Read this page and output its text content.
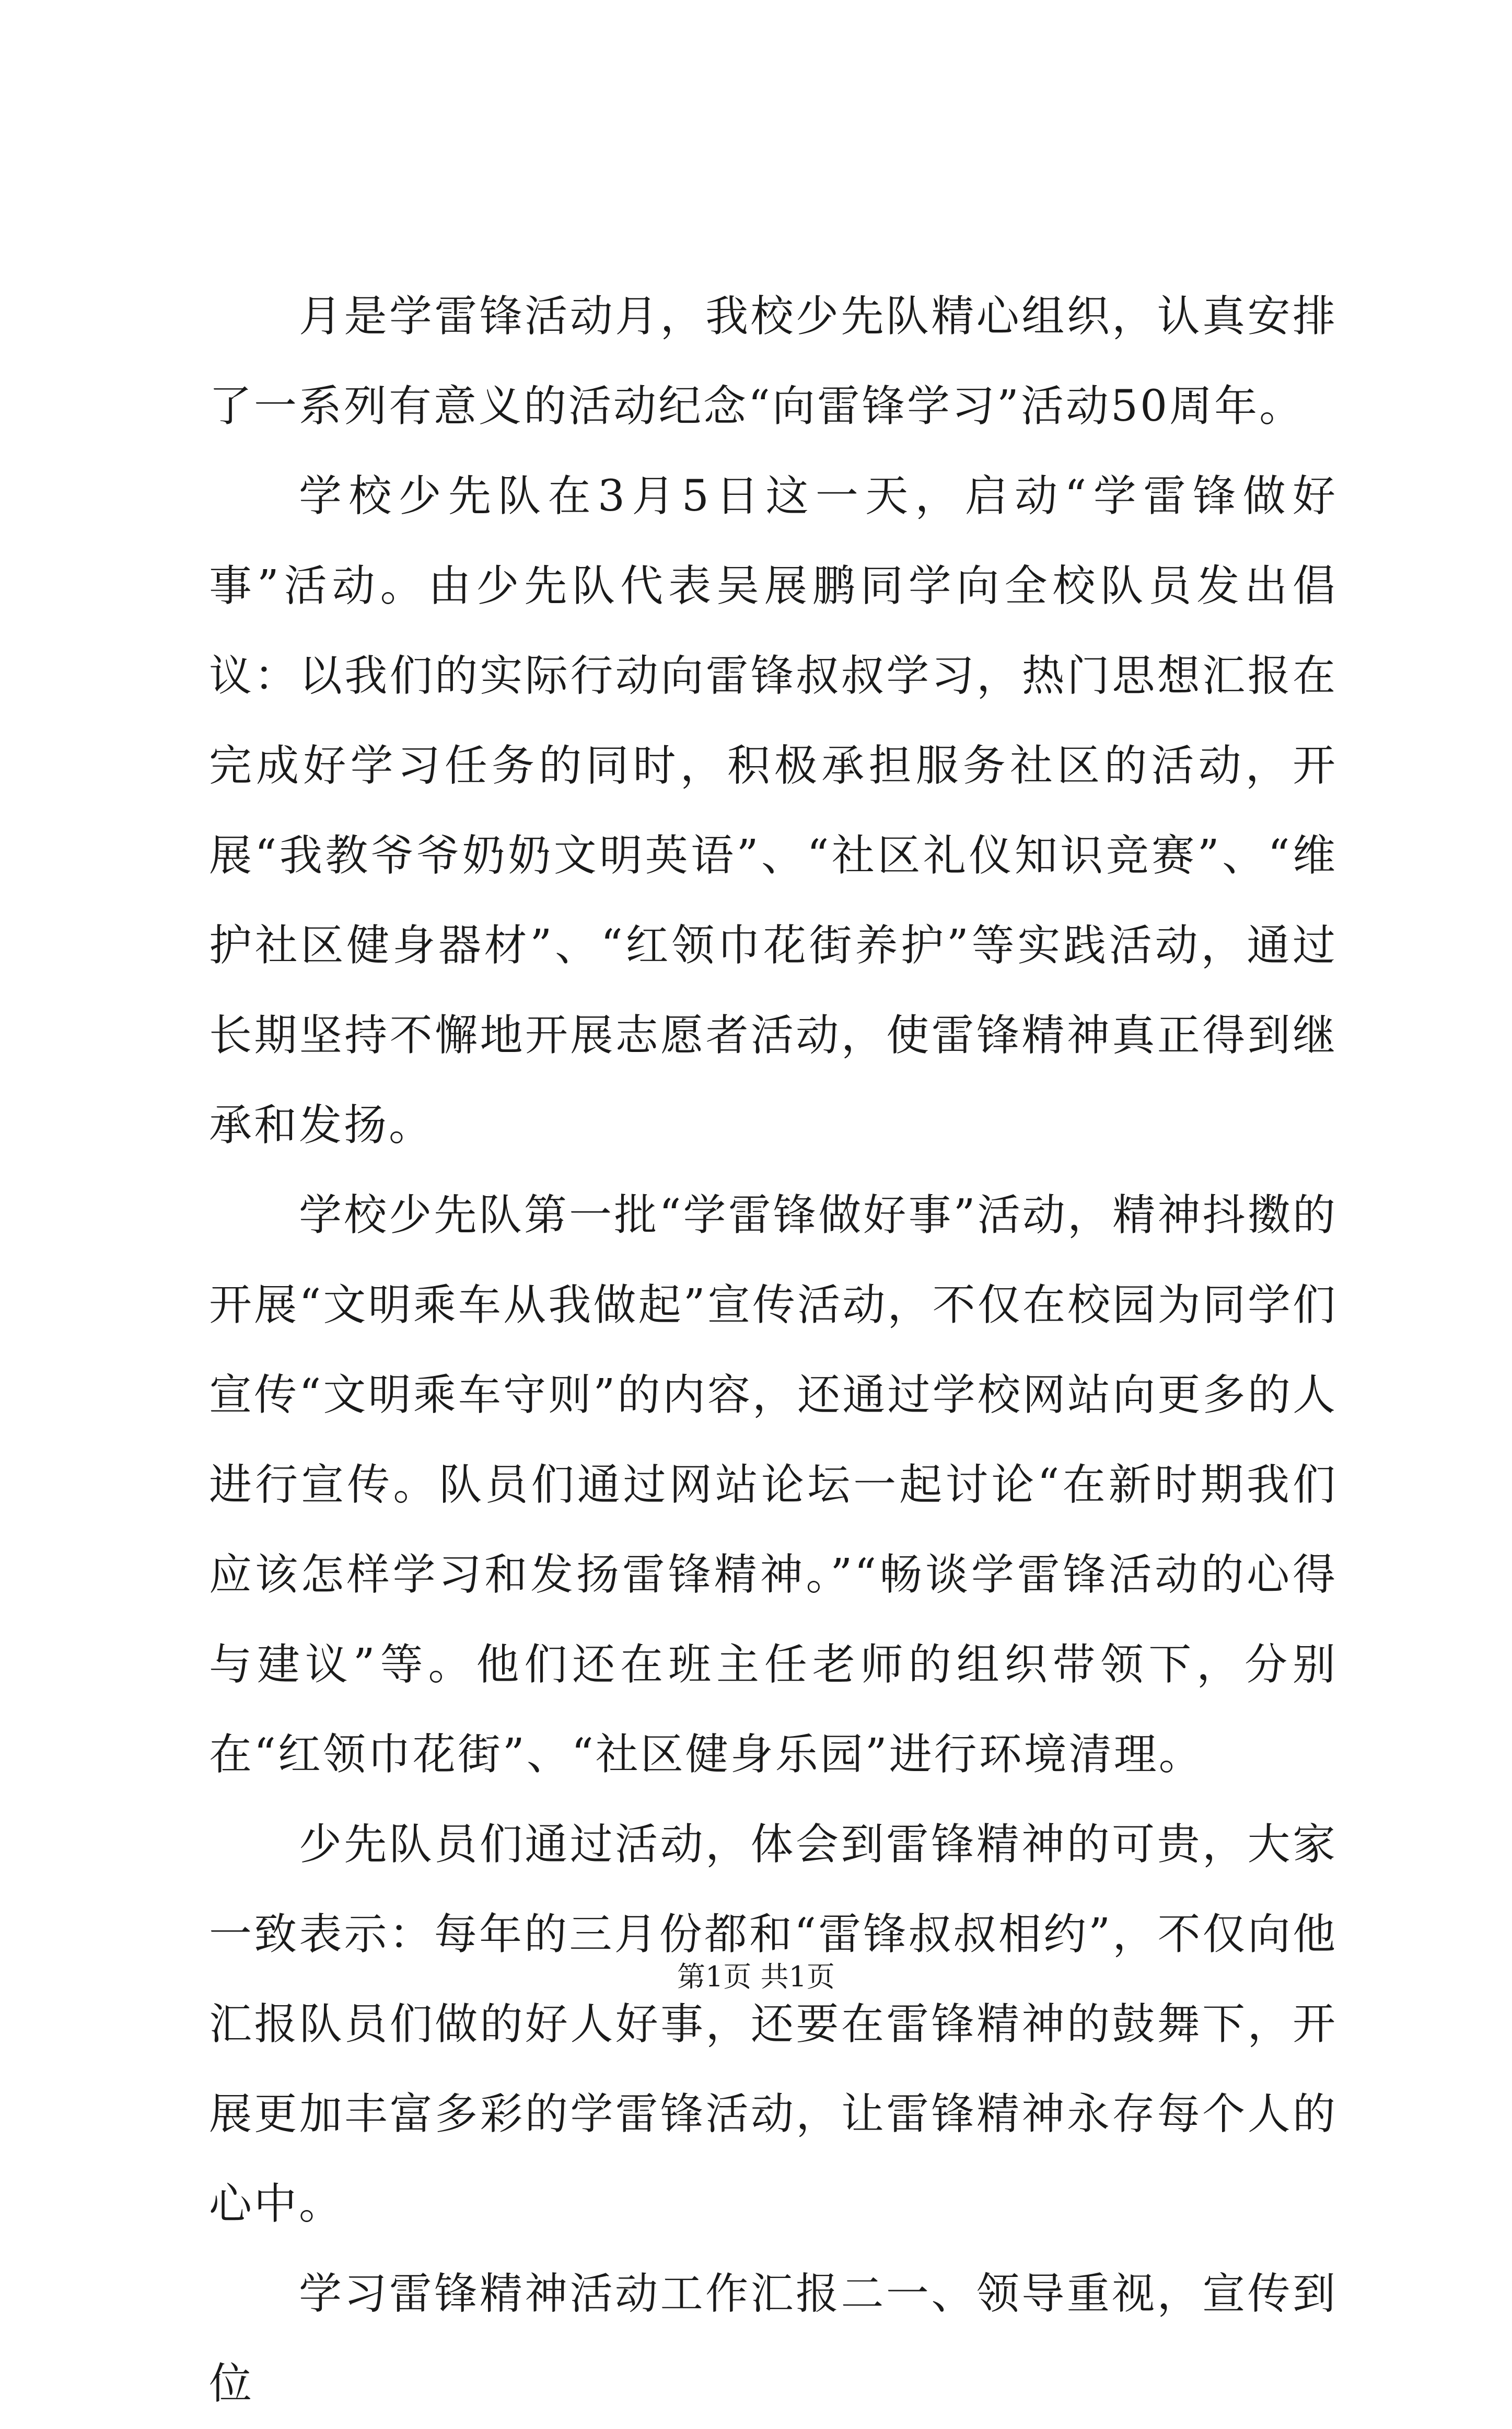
月是学雷锋活动月，我校少先队精心组织，认真安排了一系列有意义的活动纪念“向雷锋学习”活动50周年。

学校少先队在3月5日这一天，启动“学雷锋做好事”活动。由少先队代表吴展鹏同学向全校队员发出倡议：以我们的实际行动向雷锋叔叔学习，热门思想汇报在完成好学习任务的同时，积极承担服务社区的活动，开展“我教爷爷奶奶文明英语”、“社区礼仪知识竞赛”、“维护社区健身器材”、“红领巾花街养护”等实践活动，通过长期坚持不懈地开展志愿者活动，使雷锋精神真正得到继承和发扬。

学校少先队第一批“学雷锋做好事”活动，精神抖擞的开展“文明乘车从我做起”宣传活动，不仅在校园为同学们宣传“文明乘车守则”的内容，还通过学校网站向更多的人进行宣传。队员们通过网站论坛一起讨论“在新时期我们应该怎样学习和发扬雷锋精神。”“畅谈学雷锋活动的心得与建议”等。他们还在班主任老师的组织带领下，分别在“红领巾花街”、“社区健身乐园”进行环境清理。

少先队员们通过活动，体会到雷锋精神的可贵，大家一致表示：每年的三月份都和“雷锋叔叔相约”，不仅向他汇报队员们做的好人好事，还要在雷锋精神的鼓舞下，开展更加丰富多彩的学雷锋活动，让雷锋精神永存每个人的心中。

学习雷锋精神活动工作汇报二一、领导重视，宣传到位

第1页 共1页
